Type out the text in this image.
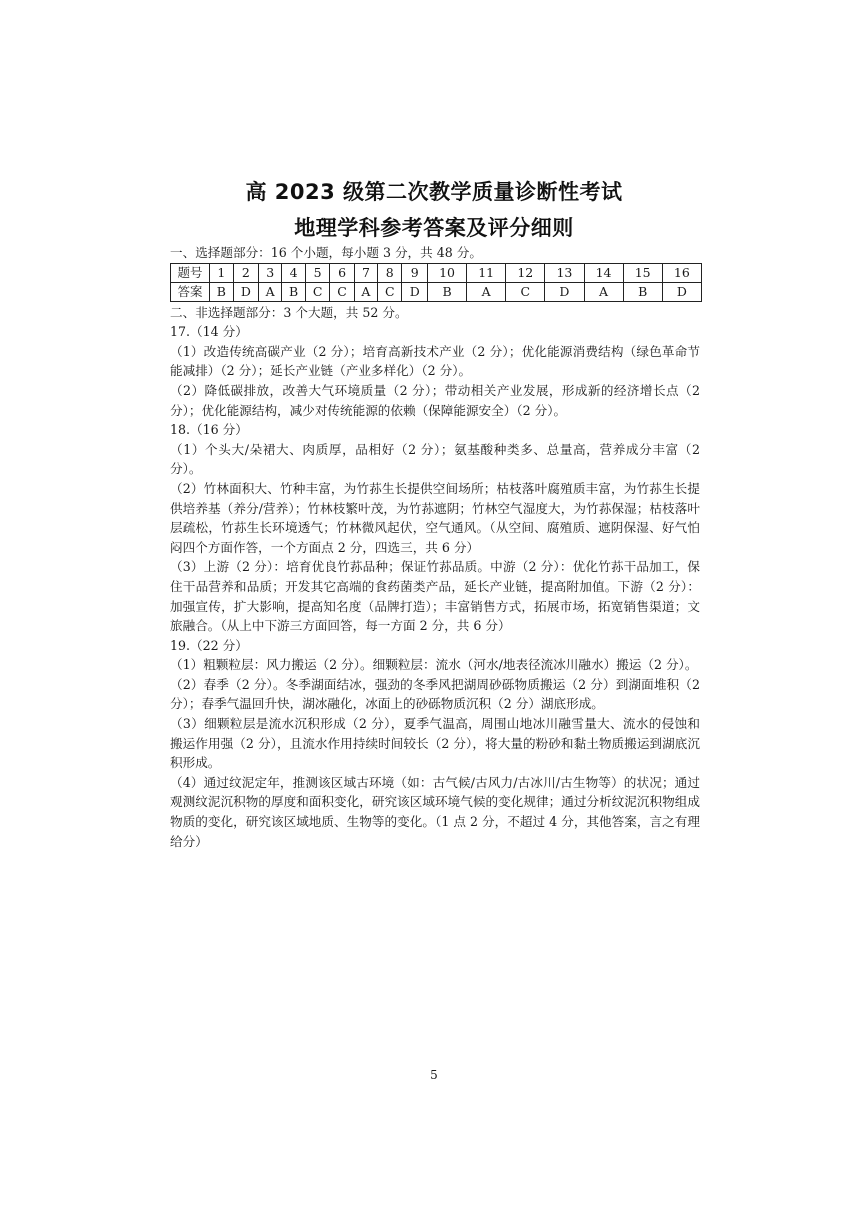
高 2023 级第二次教学质量诊断性考试
地理学科参考答案及评分细则

一、选择题部分：16 个小题，每小题 3 分，共 48 分。

题号	1	2	3	4	5	6	7	8	9	10	11	12	13	14	15	16
答案	B	D	A	B	C	C	A	C	D	B	A	C	D	A	B	D

二、非选择题部分：3 个大题，共 52 分。

17.（14 分）

（1）改造传统高碳产业（2 分）；培育高新技术产业（2 分）；优化能源消费结构（绿色革命节能减排）（2 分）；延长产业链（产业多样化）（2 分）。

（2）降低碳排放，改善大气环境质量（2 分）；带动相关产业发展，形成新的经济增长点（2 分）；优化能源结构，减少对传统能源的依赖（保障能源安全）（2 分）。

18.（16 分）

（1）个头大/朵裙大、肉质厚，品相好（2 分）；氨基酸种类多、总量高，营养成分丰富（2 分）。

（2）竹林面积大、竹种丰富，为竹荪生长提供空间场所；枯枝落叶腐殖质丰富，为竹荪生长提供培养基（养分/营养）；竹林枝繁叶茂，为竹荪遮阴；竹林空气湿度大，为竹荪保湿；枯枝落叶层疏松，竹荪生长环境透气；竹林微风起伏，空气通风。（从空间、腐殖质、遮阴保湿、好气怕闷四个方面作答，一个方面点 2 分，四选三，共 6 分）

（3）上游（2 分）：培育优良竹荪品种；保证竹荪品质。中游（2 分）：优化竹荪干品加工，保住干品营养和品质；开发其它高端的食药菌类产品，延长产业链，提高附加值。下游（2 分）：加强宣传，扩大影响，提高知名度（品牌打造）；丰富销售方式，拓展市场，拓宽销售渠道；文旅融合。（从上中下游三方面回答，每一方面 2 分，共 6 分）

19.（22 分）

（1）粗颗粒层：风力搬运（2 分）。细颗粒层：流水（河水/地表径流冰川融水）搬运（2 分）。

（2）春季（2 分）。冬季湖面结冰，强劲的冬季风把湖周砂砾物质搬运（2 分）到湖面堆积（2 分）；春季气温回升快，湖冰融化，冰面上的砂砾物质沉积（2 分）湖底形成。

（3）细颗粒层是流水沉积形成（2 分），夏季气温高，周围山地冰川融雪量大、流水的侵蚀和搬运作用强（2 分），且流水作用持续时间较长（2 分），将大量的粉砂和黏土物质搬运到湖底沉积形成。

（4）通过纹泥定年，推测该区域古环境（如：古气候/古风力/古冰川/古生物等）的状况；通过观测纹泥沉积物的厚度和面积变化，研究该区域环境气候的变化规律；通过分析纹泥沉积物组成物质的变化，研究该区域地质、生物等的变化。（1 点 2 分，不超过 4 分，其他答案，言之有理给分）

5
